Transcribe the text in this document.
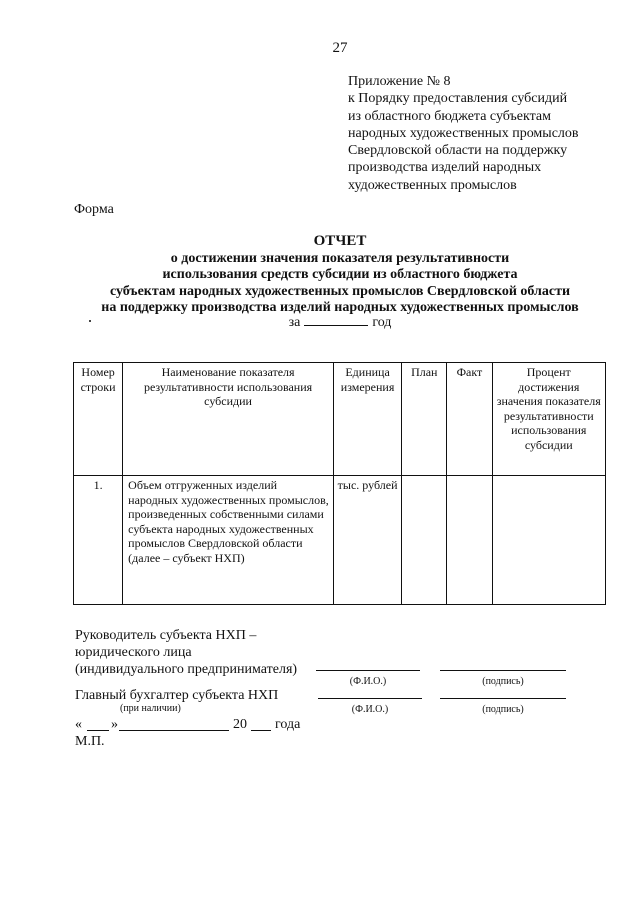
27
Приложение № 8
к Порядку предоставления субсидий
из областного бюджета субъектам
народных художественных промыслов
Свердловской области на поддержку
производства изделий народных
художественных промыслов
Форма
ОТЧЕТ
о достижении значения показателя результативности
использования средств субсидии из областного бюджета
субъектам народных художественных промыслов Свердловской области
на поддержку производства изделий народных художественных промыслов
за	год
Номер строки	Наименование показателя результативности использования субсидии	Единица измерения	План	Факт	Процент достижения значения показателя результативности использования субсидии
1.	Объем отгруженных изделий народных художественных промыслов, произведенных собственными силами субъекта народных художественных промыслов Свердловской области (далее – субъект НХП)	тыс. рублей			
Руководитель субъекта НХП –
юридического лица
(индивидуального предпринимателя)
(Ф.И.О.)	(подпись)
Главный бухгалтер субъекта НХП
(при наличии)	(Ф.И.О.)	(подпись)
« »	20 года
М.П.
